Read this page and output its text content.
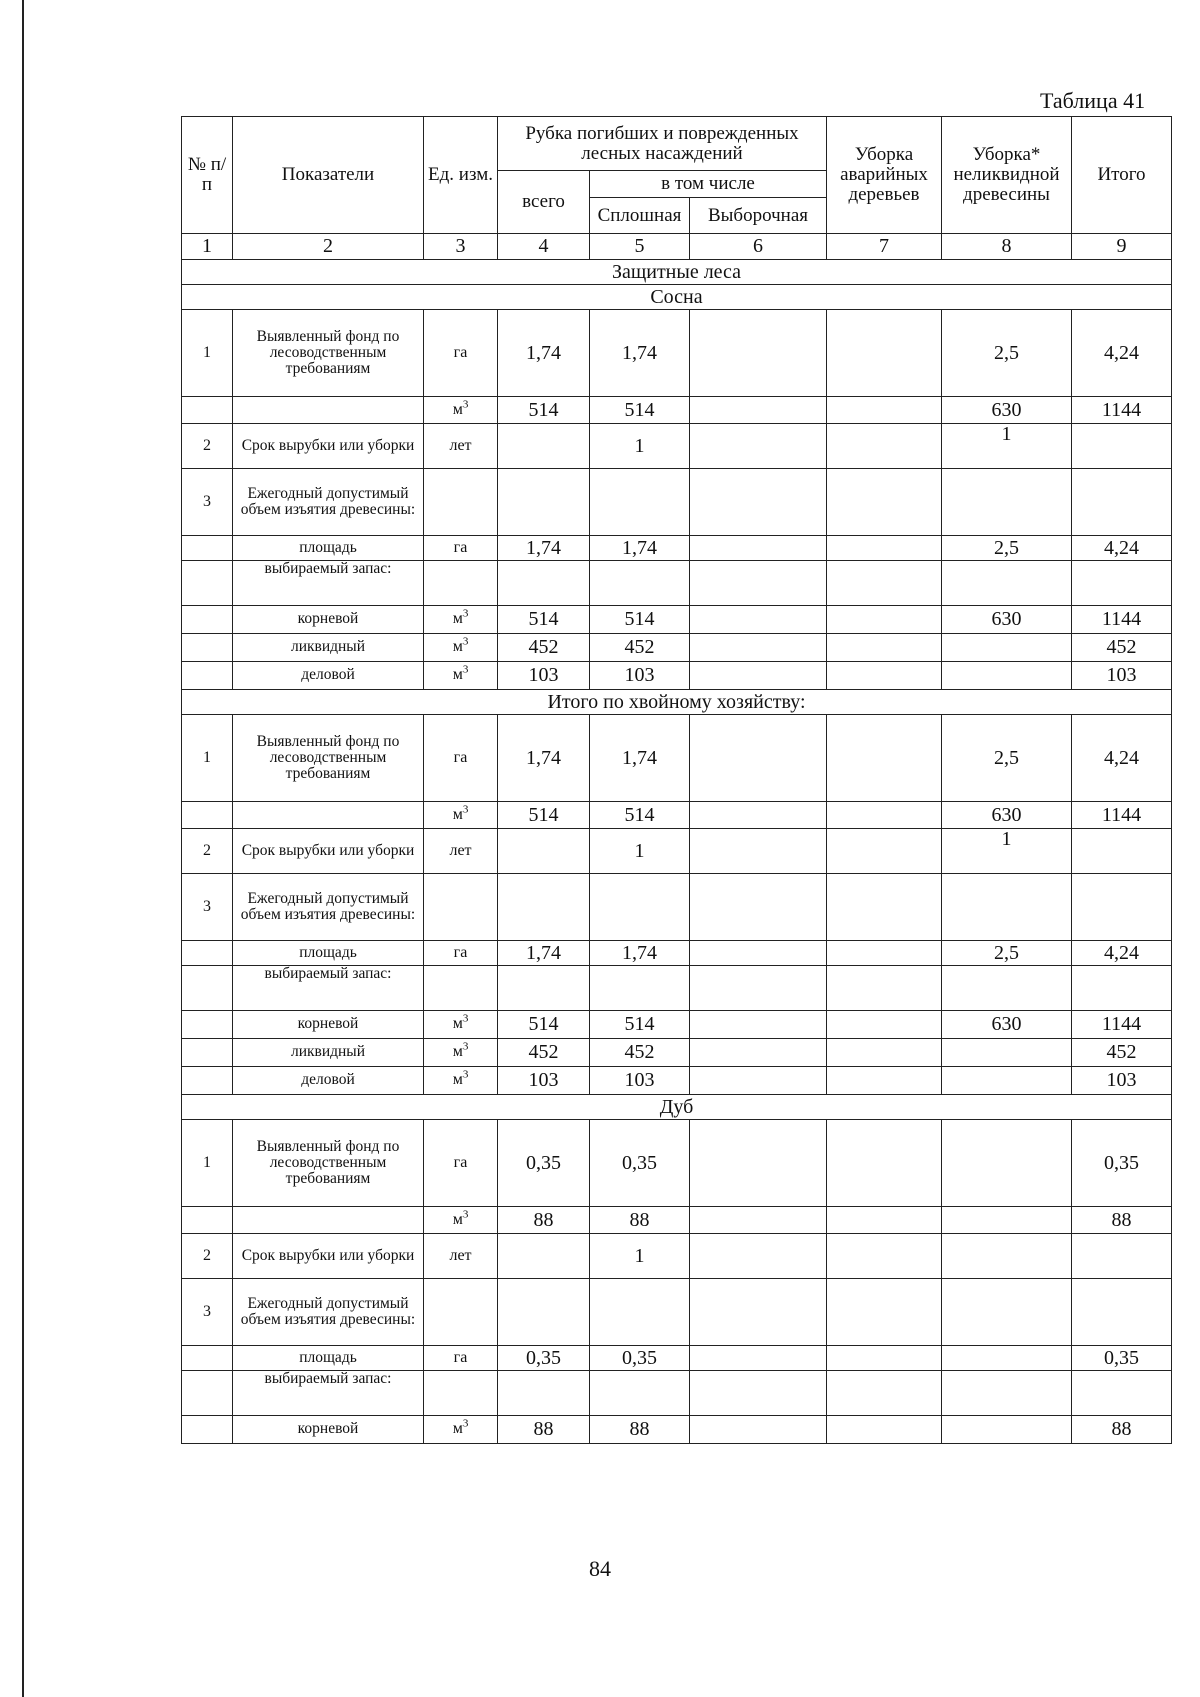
Таблица 41
№ п/п	Показатели	Ед. изм.	Рубка погибших и поврежденных лесных насаждений			Уборка аварийных деревьев	Уборка* неликвидной древесины	Итого
			всего	в том числе				
				Сплошная	Выборочная			
1	2	3	4	5	6	7	8	9
Защитные леса								
Сосна								
1	Выявленный фонд по лесоводственным требованиям	га	1,74	1,74			2,5	4,24
		$м^3$	514	514			630	1144
2	Срок вырубки или уборки	лет		1			1	
3	Ежегодный допустимый объем изъятия древесины:							
	площадь	га	1,74	1,74			2,5	4,24
	выбираемый запас:							
	корневой	$м^3$	514	514			630	1144
	ликвидный	$м^3$	452	452				452
	деловой	$м^3$	103	103				103
Итого по хвойному хозяйству:								
1	Выявленный фонд по лесоводственным требованиям	га	1,74	1,74			2,5	4,24
		$м^3$	514	514			630	1144
2	Срок вырубки или уборки	лет		1			1	
3	Ежегодный допустимый объем изъятия древесины:							
	площадь	га	1,74	1,74			2,5	4,24
	выбираемый запас:							
	корневой	$м^3$	514	514			630	1144
	ликвидный	$м^3$	452	452				452
	деловой	$м^3$	103	103				103
Дуб								
1	Выявленный фонд по лесоводственным требованиям	га	0,35	0,35				0,35
		$м^3$	88	88				88
2	Срок вырубки или уборки	лет		1				
3	Ежегодный допустимый объем изъятия древесины:							
	площадь	га	0,35	0,35				0,35
	выбираемый запас:							
	корневой	$м^3$	88	88				88
84
